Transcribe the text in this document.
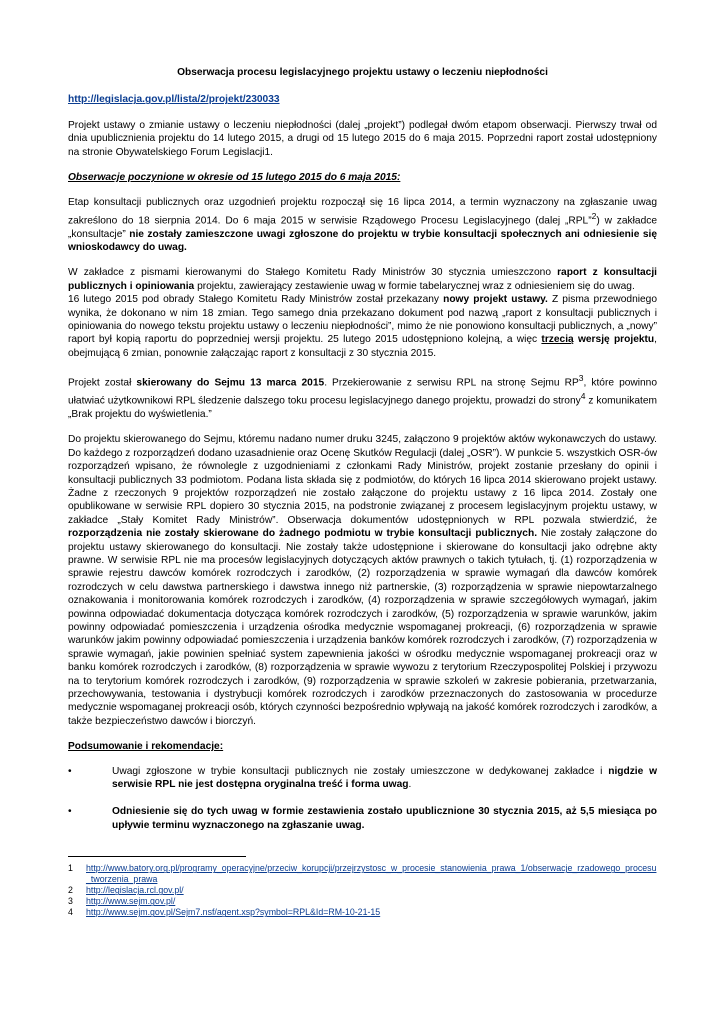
Obserwacja procesu legislacyjnego projektu ustawy o leczeniu niepłodności
http://legislacja.gov.pl/lista/2/projekt/230033

Projekt ustawy o zmianie ustawy o leczeniu niepłodności (dalej „projekt”) podlegał dwóm etapom obserwacji. Pierwszy trwał od dnia upublicznienia projektu do 14 lutego 2015, a drugi od 15 lutego 2015 do 6 maja 2015. Poprzedni raport został udostępniony na stronie Obywatelskiego Forum Legislacji1.

Obserwacje poczynione w okresie od 15 lutego 2015 do 6 maja 2015:

Etap konsultacji publicznych oraz uzgodnień projektu rozpoczął się 16 lipca 2014, a termin wyznaczony na zgłaszanie uwag zakreślono do 18 sierpnia 2014. Do 6 maja 2015 w serwisie Rządowego Procesu Legislacyjnego (dalej „RPL”$^2$) w zakładce „konsultacje” nie zostały zamieszczone uwagi zgłoszone do projektu w trybie konsultacji społecznych ani odniesienie się wnioskodawcy do uwag.

W zakładce z pismami kierowanymi do Stałego Komitetu Rady Ministrów 30 stycznia umieszczono raport z konsultacji publicznych i opiniowania projektu, zawierający zestawienie uwag w formie tabelarycznej wraz z odniesieniem się do uwag.
16 lutego 2015 pod obrady Stałego Komitetu Rady Ministrów został przekazany nowy projekt ustawy. Z pisma przewodniego wynika, że dokonano w nim 18 zmian. Tego samego dnia przekazano dokument pod nazwą „raport z konsultacji publicznych i opiniowania do nowego tekstu projektu ustawy o leczeniu niepłodności”, mimo że nie ponowiono konsultacji publicznych, a „nowy” raport był kopią raportu do poprzedniej wersji projektu. 25 lutego 2015 udostępniono kolejną, a więc trzecią wersję projektu, obejmującą 6 zmian, ponownie załączając raport z konsultacji z 30 stycznia 2015.

Projekt został skierowany do Sejmu 13 marca 2015. Przekierowanie z serwisu RPL na stronę Sejmu $RP^3$, które powinno ułatwiać użytkownikowi RPL śledzenie dalszego toku procesu legislacyjnego danego projektu, prowadzi do strony$^4$ z komunikatem „Brak projektu do wyświetlenia.”

Do projektu skierowanego do Sejmu, któremu nadano numer druku 3245, załączono 9 projektów aktów wykonawczych do ustawy. Do każdego z rozporządzeń dodano uzasadnienie oraz Ocenę Skutków Regulacji (dalej „OSR”). W punkcie 5. wszystkich OSR-ów rozporządzeń wpisano, że równolegle z uzgodnieniami z członkami Rady Ministrów, projekt zostanie przesłany do opinii i konsultacji publicznych 33 podmiotom. Podana lista składa się z podmiotów, do których 16 lipca 2014 skierowano projekt ustawy. Żadne z rzeczonych 9 projektów rozporządzeń nie zostało załączone do projektu ustawy z 16 lipca 2014. Zostały one opublikowane w serwisie RPL dopiero 30 stycznia 2015, na podstronie związanej z procesem legislacyjnym projektu ustawy, w zakładce „Stały Komitet Rady Ministrów”. Obserwacja dokumentów udostępnionych w RPL pozwala stwierdzić, że rozporządzenia nie zostały skierowane do żadnego podmiotu w trybie konsultacji publicznych. Nie zostały załączone do projektu ustawy skierowanego do konsultacji. Nie zostały także udostępnione i skierowane do konsultacji jako odrębne akty prawne. W serwisie RPL nie ma procesów legislacyjnych dotyczących aktów prawnych o takich tytułach, tj. (1) rozporządzenia w sprawie rejestru dawców komórek rozrodczych i zarodków, (2) rozporządzenia w sprawie wymagań dla dawców komórek rozrodczych w celu dawstwa partnerskiego i dawstwa innego niż partnerskie, (3) rozporządzenia w sprawie niepowtarzalnego oznakowania i monitorowania komórek rozrodczych i zarodków, (4) rozporządzenia w sprawie szczegółowych wymagań, jakim powinna odpowiadać dokumentacja dotycząca komórek rozrodczych i zarodków, (5) rozporządzenia w sprawie warunków, jakim powinny odpowiadać pomieszczenia i urządzenia ośrodka medycznie wspomaganej prokreacji, (6) rozporządzenia w sprawie warunków jakim powinny odpowiadać pomieszczenia i urządzenia banków komórek rozrodczych i zarodków, (7) rozporządzenia w sprawie wymagań, jakie powinien spełniać system zapewnienia jakości w ośrodku medycznie wspomaganej prokreacji oraz w banku komórek rozrodczych i zarodków, (8) rozporządzenia w sprawie wywozu z terytorium Rzeczypospolitej Polskiej i przywozu na to terytorium komórek rozrodczych i zarodków, (9) rozporządzenia w sprawie szkoleń w zakresie pobierania, przetwarzania, przechowywania, testowania i dystrybucji komórek rozrodczych i zarodków przeznaczonych do zastosowania w procedurze medycznie wspomaganej prokreacji osób, których czynności bezpośrednio wpływają na jakość komórek rozrodczych i zarodków, a także bezpieczeństwo dawców i biorczyń.

Podsumowanie i rekomendacje:
•	Uwagi zgłoszone w trybie konsultacji publicznych nie zostały umieszczone w dedykowanej zakładce i nigdzie w serwisie RPL nie jest dostępna oryginalna treść i forma uwag.
•	Odniesienie się do tych uwag w formie zestawienia zostało upublicznione 30 stycznia 2015, aż 5,5 miesiąca po upływie terminu wyznaczonego na zgłaszanie uwag.
1	http://www.batory.org.pl/programy_operacyjne/przeciw_korupcji/przejrzystosc_w_procesie_stanowienia_prawa_1/obserwacje_rzadowego_procesu_tworzenia_prawa
2	http://legislacja.rcl.gov.pl/
3	http://www.sejm.gov.pl/
4	http://www.sejm.gov.pl/Sejm7.nsf/agent.xsp?symbol=RPL&Id=RM-10-21-15
